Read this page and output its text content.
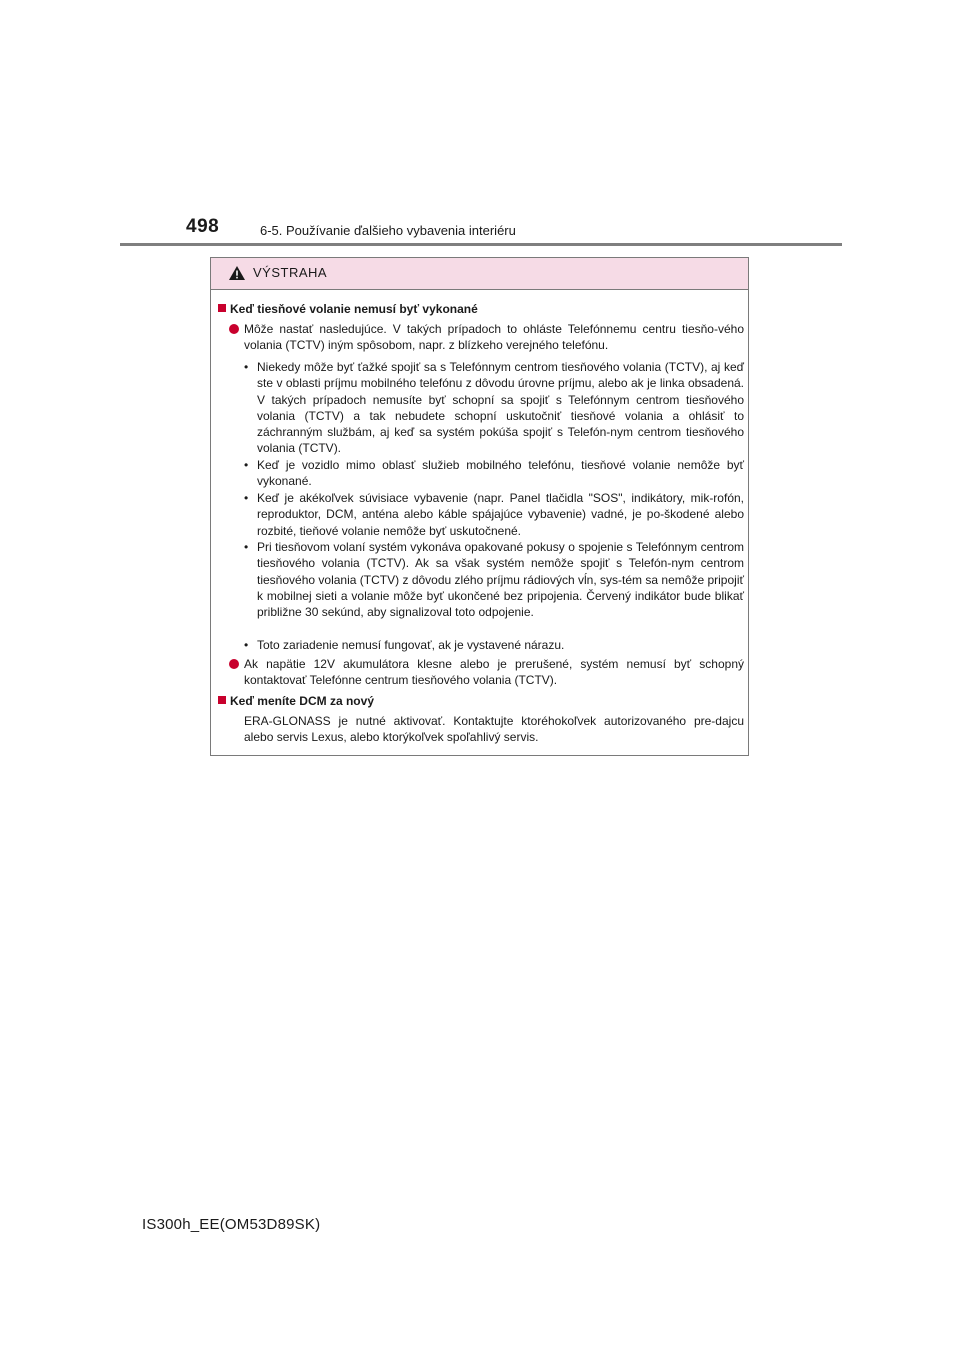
498	6-5. Používanie ďalšieho vybavenia interiéru
VÝSTRAHA
Keď tiesňové volanie nemusí byť vykonané
Môže nastať nasledujúce. V takých prípadoch to ohláste Telefónnemu centru tiesňo-vého volania (TCTV) iným spôsobom, napr. z blízkeho verejného telefónu.
• Niekedy môže byť ťažké spojiť sa s Telefónnym centrom tiesňového volania (TCTV), aj keď ste v oblasti príjmu mobilného telefónu z dôvodu úrovne príjmu, alebo ak je linka obsadená. V takých prípadoch nemusíte byť schopní sa spojiť s Telefónnym centrom tiesňového volania (TCTV) a tak nebudete schopní uskutočniť tiesňové volania a ohlásiť to záchranným službám, aj keď sa systém pokúša spojiť s Telefón-nym centrom tiesňového volania (TCTV).
• Keď je vozidlo mimo oblasť služieb mobilného telefónu, tiesňové volanie nemôže byť vykonané.
• Keď je akékoľvek súvisiace vybavenie (napr. Panel tlačidla "SOS", indikátory, mik-rofón, reproduktor, DCM, anténa alebo káble spájajúce vybavenie) vadné, je po-škodené alebo rozbité, tieňové volanie nemôže byť uskutočnené.
• Pri tiesňovom volaní systém vykonáva opakované pokusy o spojenie s Telefónnym centrom tiesňového volania (TCTV). Ak sa však systém nemôže spojiť s Telefón-nym centrom tiesňového volania (TCTV) z dôvodu zlého príjmu rádiových vĺn, sys-tém sa nemôže pripojiť k mobilnej sieti a volanie môže byť ukončené bez pripojenia. Červený indikátor bude blikať približne 30 sekúnd, aby signalizoval toto odpojenie.
• Toto zariadenie nemusí fungovať, ak je vystavené nárazu.
Ak napätie 12V akumulátora klesne alebo je prerušené, systém nemusí byť schopný kontaktovať Telefónne centrum tiesňového volania (TCTV).
Keď meníte DCM za nový
ERA-GLONASS je nutné aktivovať. Kontaktujte ktoréhokoľvek autorizovaného pre-dajcu alebo servis Lexus, alebo ktorýkoľvek spoľahlivý servis.
IS300h_EE(OM53D89SK)
